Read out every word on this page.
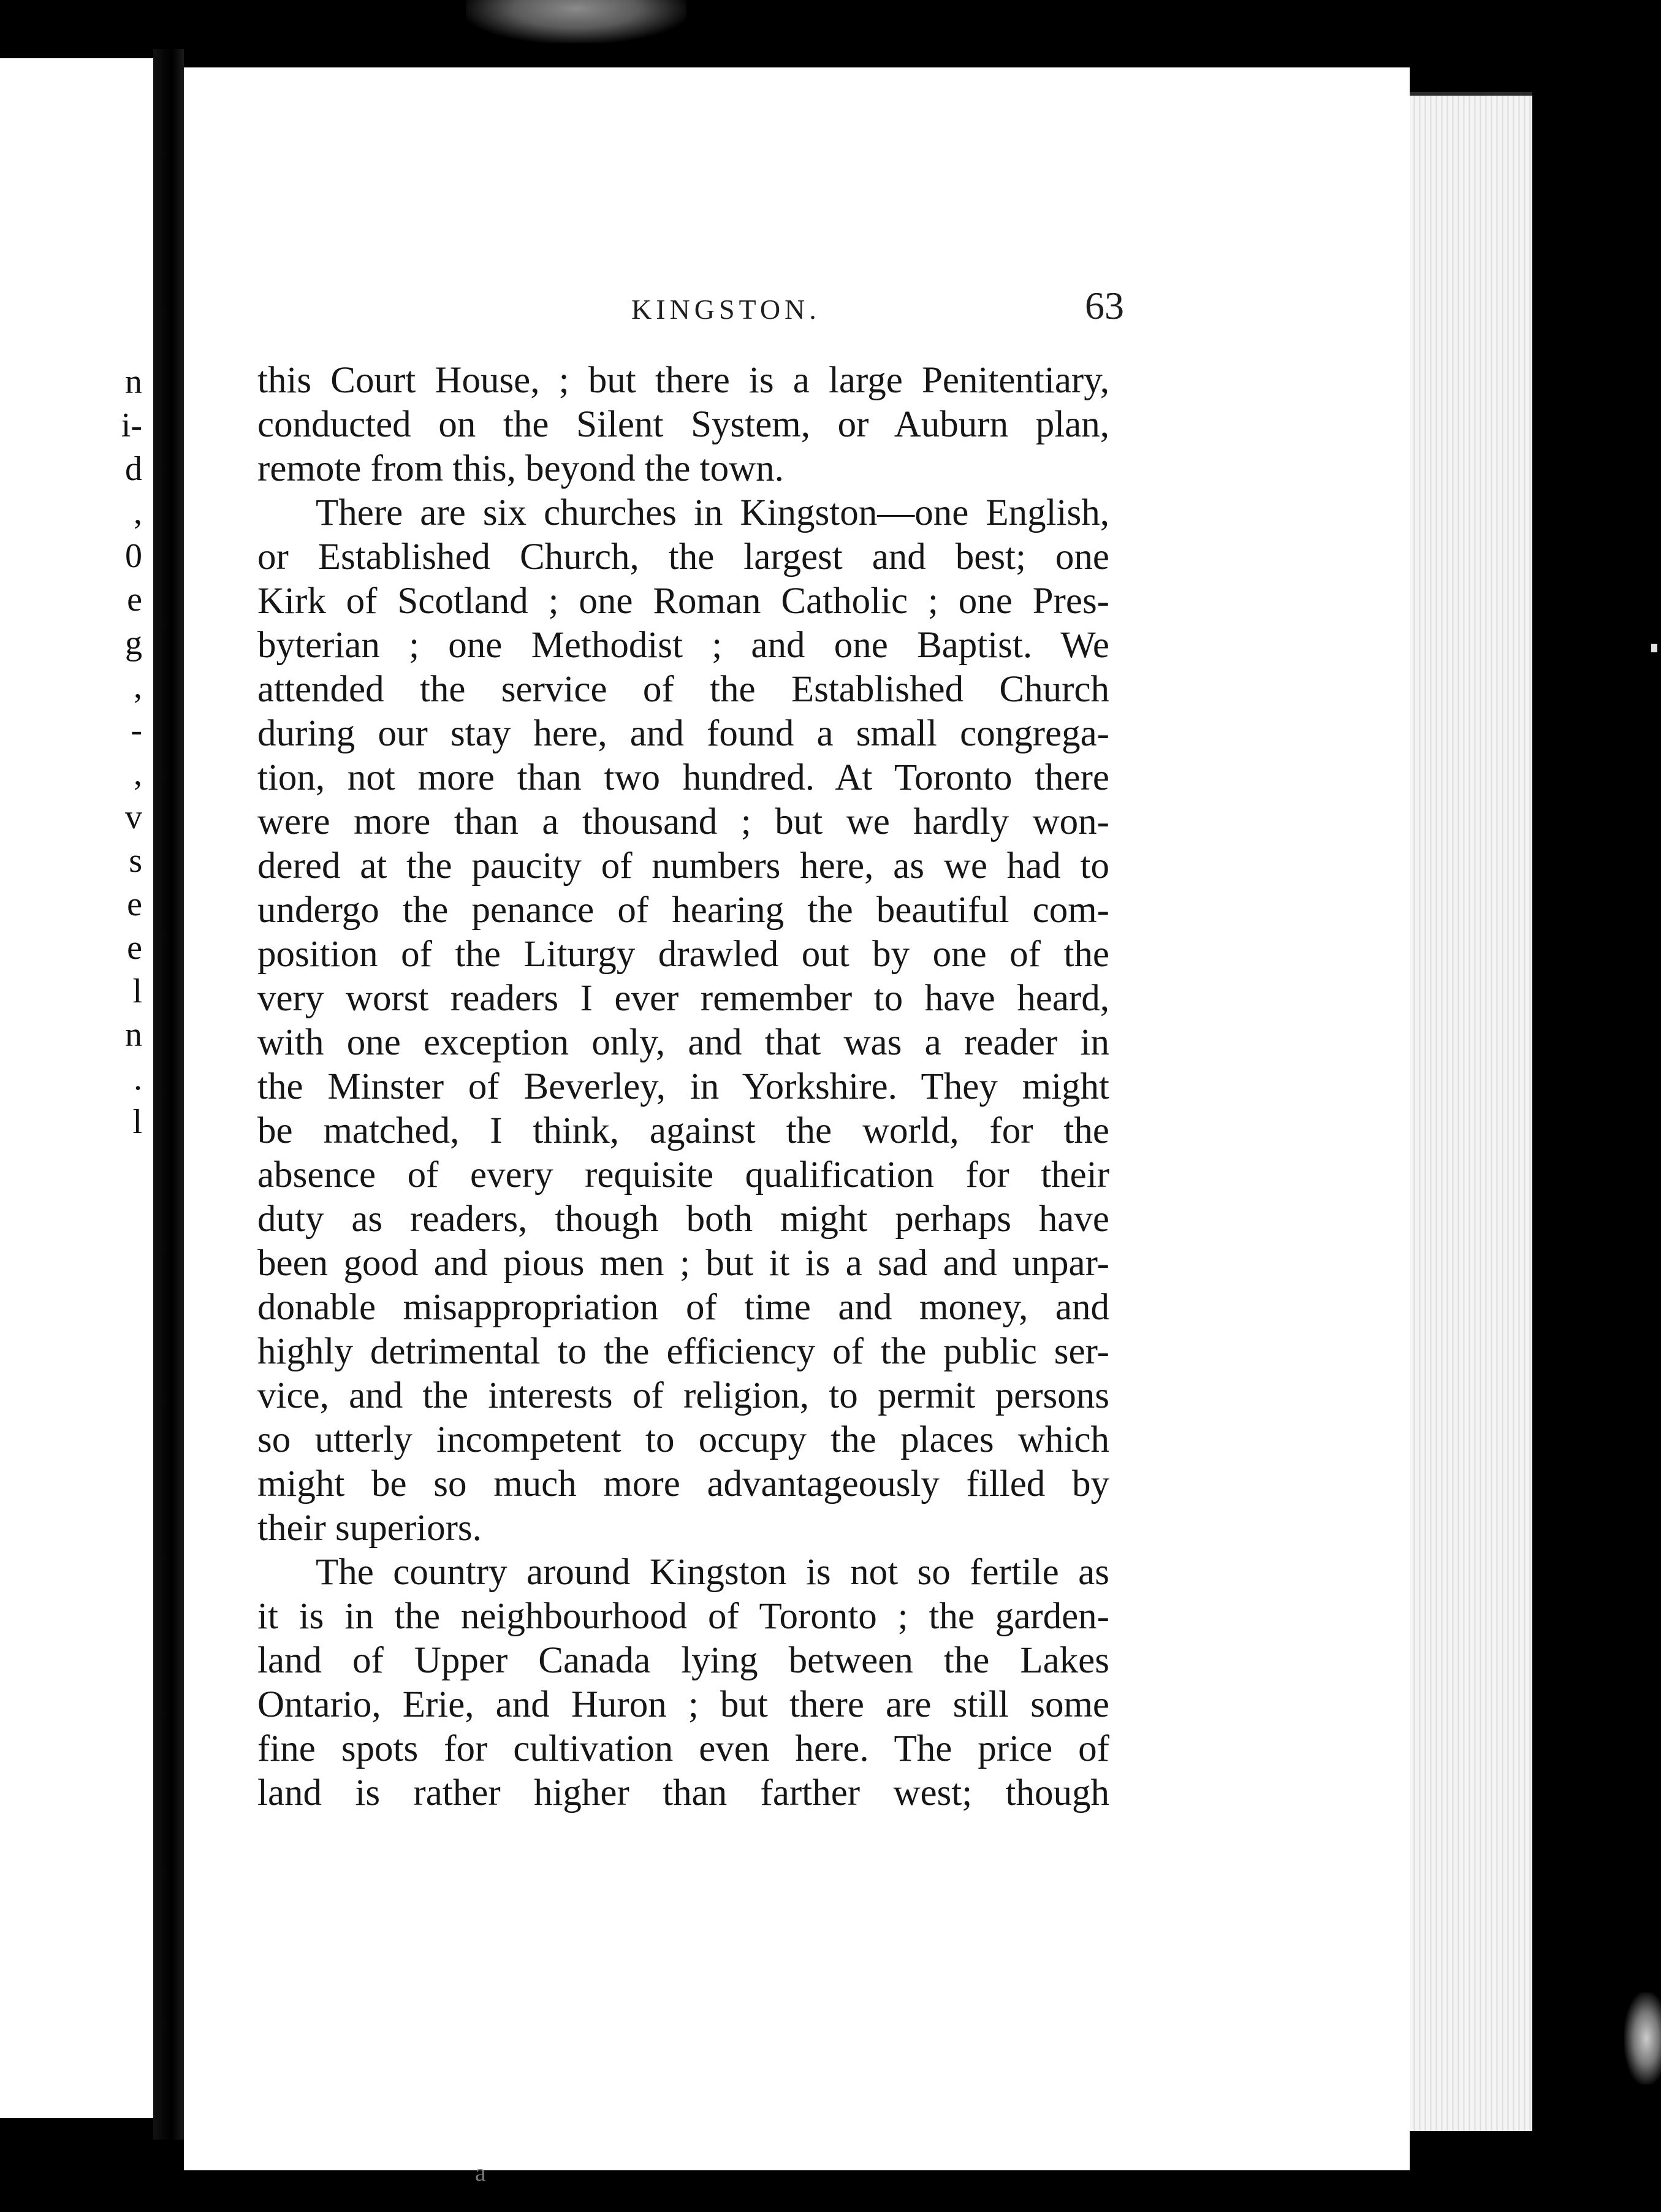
n
i-
d
,
0
e
g
,
-
,
v
s
e
e
l
n
.
l
KINGSTON.	63
this Court House, ; but there is a large Penitentiary,
conducted on the Silent System, or Auburn plan,
remote from this, beyond the town.
There are six churches in Kingston—one English,
or Established Church, the largest and best; one
Kirk of Scotland ; one Roman Catholic ; one Pres-
byterian ; one Methodist ; and one Baptist. We
attended the service of the Established Church
during our stay here, and found a small congrega-
tion, not more than two hundred. At Toronto there
were more than a thousand ; but we hardly won-
dered at the paucity of numbers here, as we had to
undergo the penance of hearing the beautiful com-
position of the Liturgy drawled out by one of the
very worst readers I ever remember to have heard,
with one exception only, and that was a reader in
the Minster of Beverley, in Yorkshire. They might
be matched, I think, against the world, for the
absence of every requisite qualification for their
duty as readers, though both might perhaps have
been good and pious men ; but it is a sad and unpar-
donable misappropriation of time and money, and
highly detrimental to the efficiency of the public ser-
vice, and the interests of religion, to permit persons
so utterly incompetent to occupy the places which
might be so much more advantageously filled by
their superiors.
The country around Kingston is not so fertile as
it is in the neighbourhood of Toronto ; the garden-
land of Upper Canada lying between the Lakes
Ontario, Erie, and Huron ; but there are still some
fine spots for cultivation even here. The price of
land is rather higher than farther west; though
a
